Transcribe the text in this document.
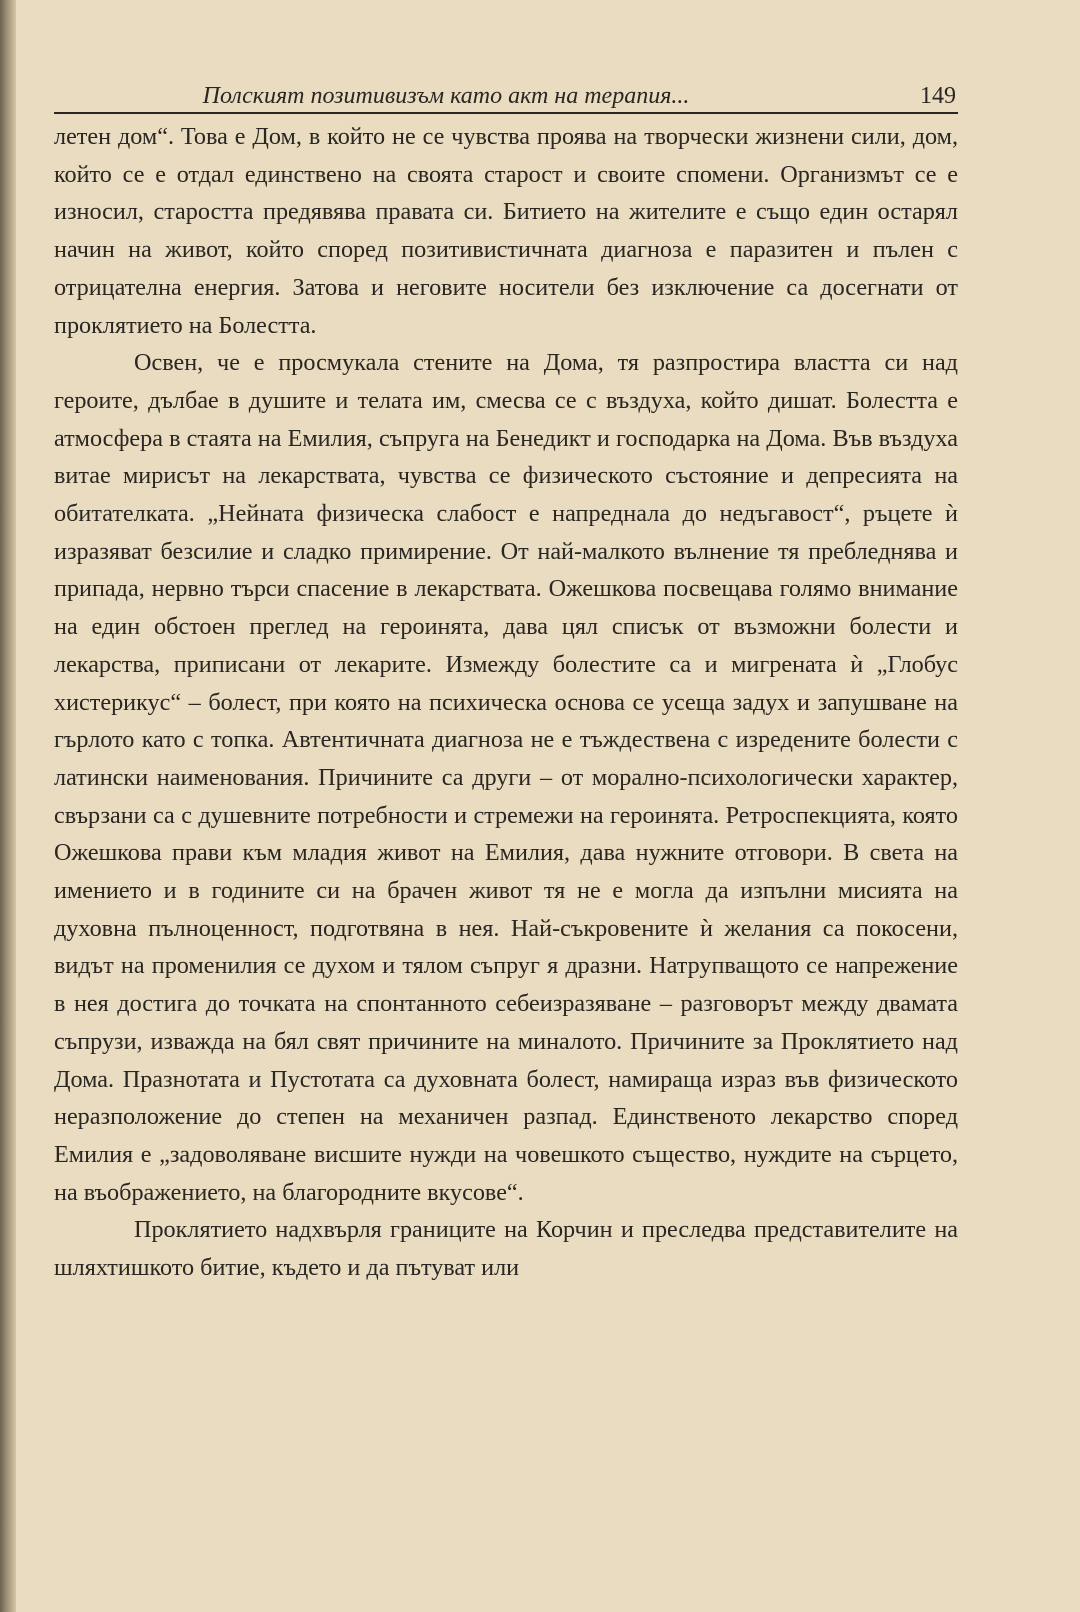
Полският позитивизъм като акт на терапия...	149

летен дом“. Това е Дом, в който не се чувства проява на творчески жизнени сили, дом, който се е отдал единствено на своята старост и своите спомени. Организмът се е износил, старостта предявява правата си. Битието на жителите е също един остарял начин на живот, който според позитивистичната диагноза е паразитен и пълен с отрицателна енергия. Затова и неговите носители без изключение са досегнати от проклятието на Болестта.

Освен, че е просмукала стените на Дома, тя разпростира властта си над героите, дълбае в душите и телата им, смесва се с въздуха, който дишат. Болестта е атмосфера в стаята на Емилия, съпруга на Бенедикт и господарка на Дома. Във въздуха витае мирисът на лекарствата, чувства се физическото състояние и депресията на обитателката. „Нейната физическа слабост е напреднала до недъгавост“, ръцете ѝ изразяват безсилие и сладко примирение. От най-малкото вълнение тя пребледнява и припада, нервно търси спасение в лекарствата. Ожешкова посвещава голямо внимание на един обстоен преглед на героинята, дава цял списък от възможни болести и лекарства, приписани от лекарите. Измежду болестите са и мигрената ѝ „Глобус хистерикус“ – болест, при която на психическа основа се усеща задух и запушване на гърлото като с топка. Автентичната диагноза не е тъждествена с изредените болести с латински наименования. Причините са други – от морално-психологически характер, свързани са с душевните потребности и стремежи на героинята. Ретроспекцията, която Ожешкова прави към младия живот на Емилия, дава нужните отговори. В света на имението и в годините си на брачен живот тя не е могла да изпълни мисията на духовна пълноценност, подготвяна в нея. Най-съкровените ѝ желания са покосени, видът на променилия се духом и тялом съпруг я дразни. Натрупващото се напрежение в нея достига до точката на спонтанното себеизразяване – разговорът между двамата съпрузи, изважда на бял свят причините на миналото. Причините за Проклятието над Дома. Празнотата и Пустотата са духовната болест, намираща израз във физическото неразположение до степен на механичен разпад. Единственото лекарство според Емилия е „задоволяване висшите нужди на човешкото същество, нуждите на сърцето, на въображението, на благородните вкусове“.

Проклятието надхвърля границите на Корчин и преследва представителите на шляхтишкото битие, където и да пътуват или
